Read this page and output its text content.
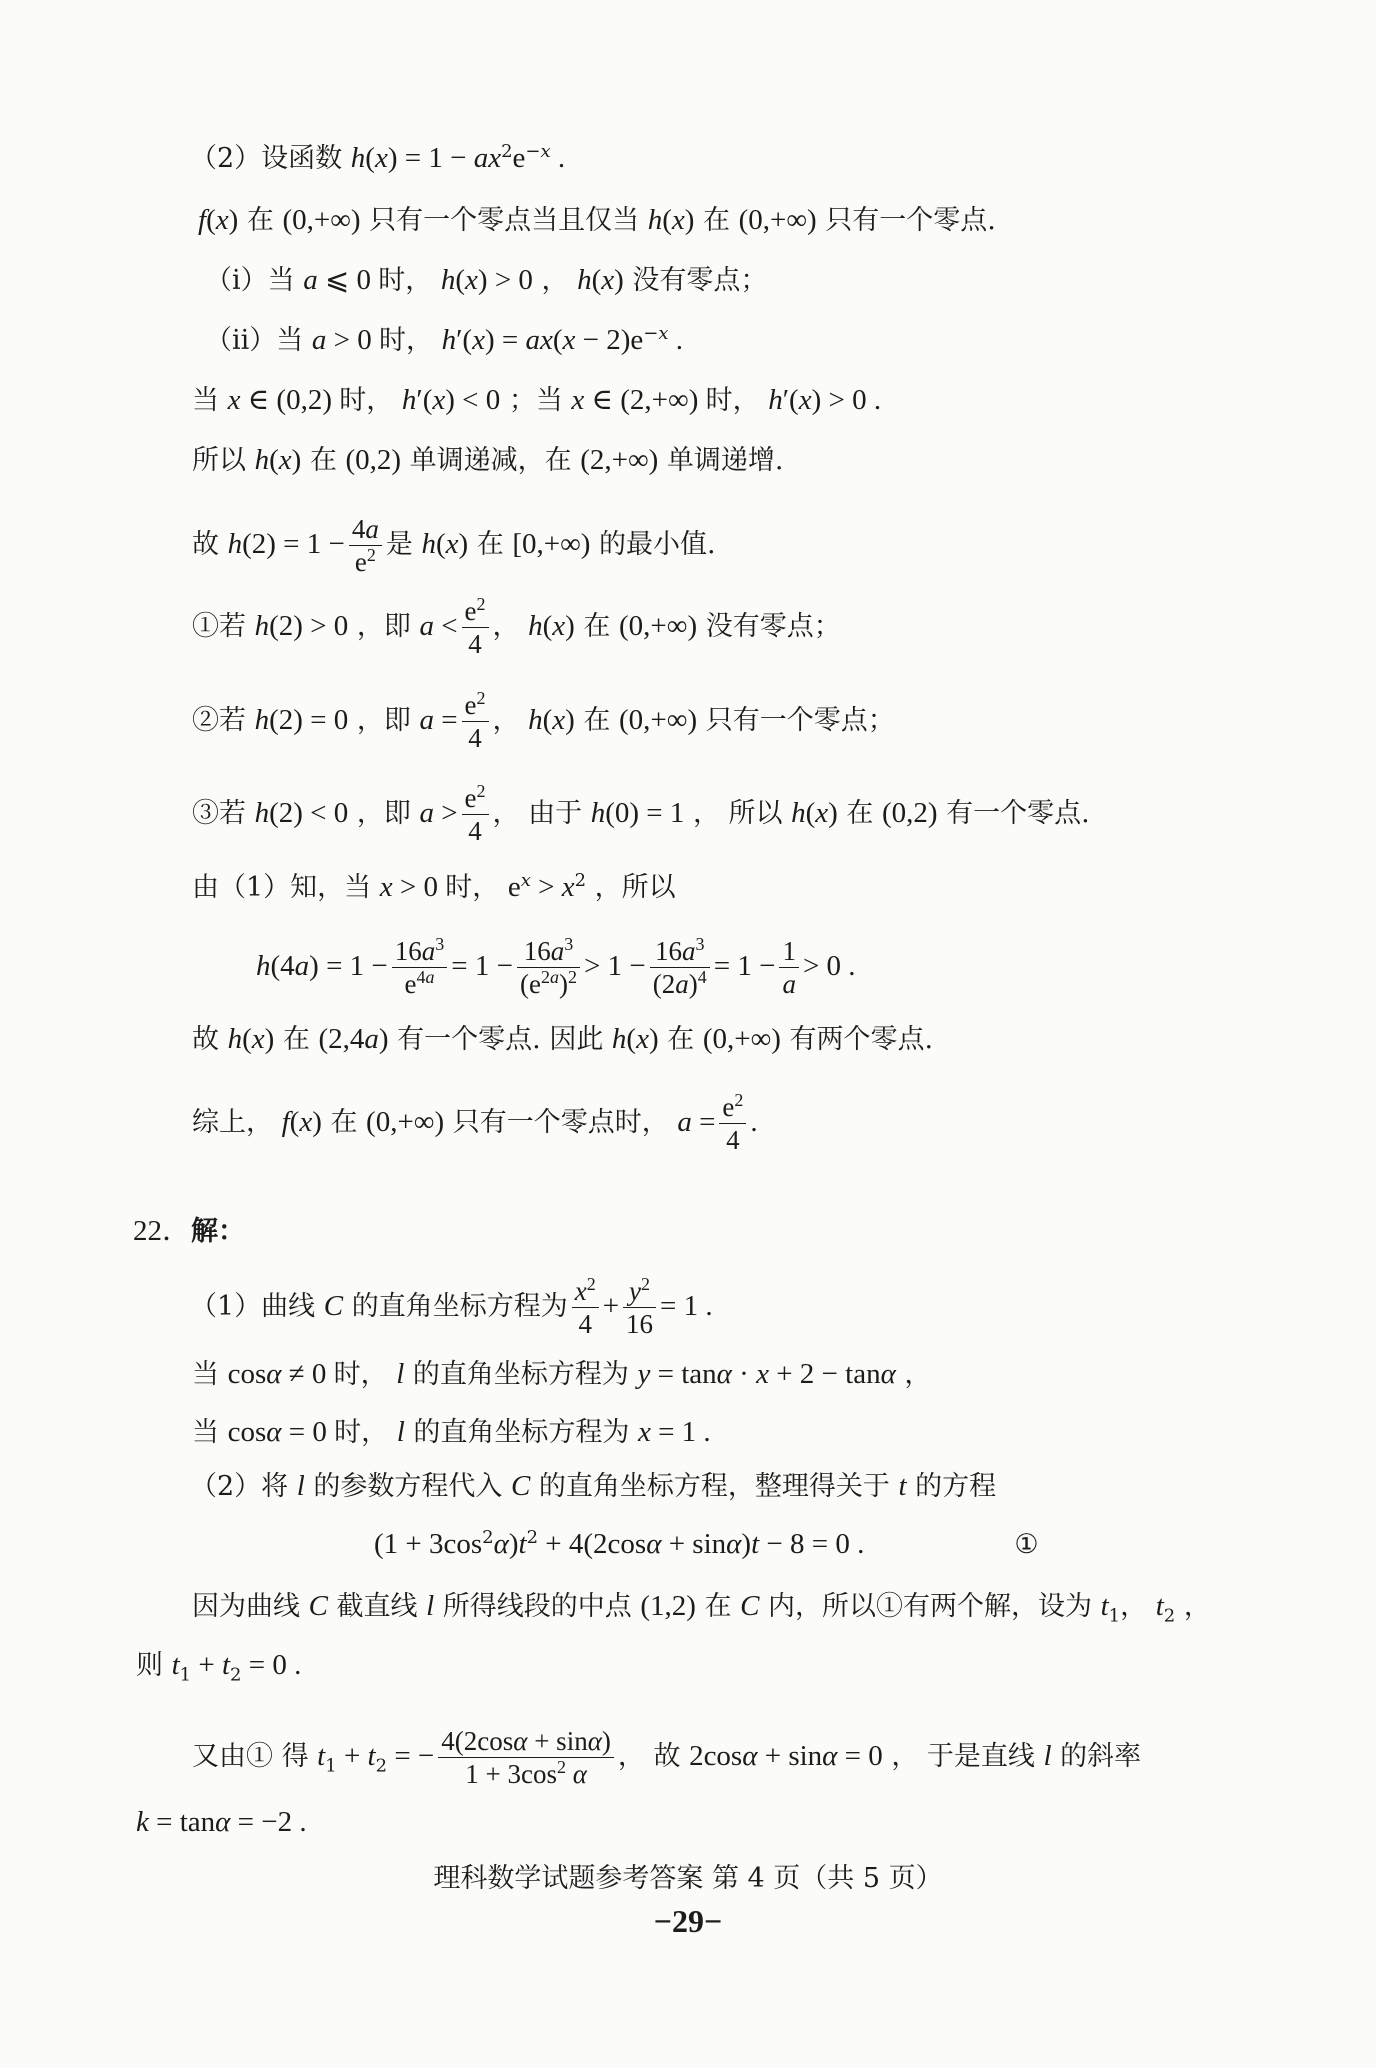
（2）设函数 $h(x) = 1 - ax^2e^{-x}$ .
f(x) 在 (0,+∞) 只有一个零点当且仅当 h(x) 在 (0,+∞) 只有一个零点.
（ⅰ）当 a ⩽ 0 时， h(x) > 0 ， h(x) 没有零点；
（ⅱ）当 a > 0 时， $h'(x) = ax(x - 2)e^{-x}$ .
当 x ∈ (0,2) 时， h′(x) < 0 ；当 x ∈ (2,+∞) 时， h′(x) > 0 .
所以 h(x) 在 (0,2) 单调递减，在 (2,+∞) 单调递增.
故 $h(2) = 1 - \frac{4a}{e^2}$ 是 h(x) 在 [0,+∞) 的最小值.
①若 h(2) > 0 ，即 $a < \frac{e^2}{4}$ ， h(x) 在 (0,+∞) 没有零点；
②若 h(2) = 0 ，即 $a = \frac{e^2}{4}$ ， h(x) 在 (0,+∞) 只有一个零点；
③若 h(2) < 0 ，即 $a > \frac{e^2}{4}$ ， 由于 h(0) = 1 ， 所以 h(x) 在 (0,2) 有一个零点.
由（1）知，当 x > 0 时， $e^x > x^2$ ，所以
$h(4a) = 1 - \frac{16a^3}{e^{4a}} = 1 - \frac{16a^3}{(e^{2a})^2} > 1 - \frac{16a^3}{(2a)^4} = 1 - \frac{1}{a} > 0$ .
故 h(x) 在 (2,4a) 有一个零点. 因此 h(x) 在 (0,+∞) 有两个零点.
综上， f(x) 在 (0,+∞) 只有一个零点时， $a = \frac{e^2}{4}$ .
22．解：
（1）曲线 C 的直角坐标方程为 $\frac{x^2}{4} + \frac{y^2}{16} = 1$ .
当 cosα ≠ 0 时， l 的直角坐标方程为 y = tanα · x + 2 − tanα ，
当 cosα = 0 时， l 的直角坐标方程为 x = 1 .
（2）将 l 的参数方程代入 C 的直角坐标方程，整理得关于 t 的方程
$(1 + 3\cos^2\alpha)t^2 + 4(2\cos\alpha + \sin\alpha)t - 8 = 0$ .	①
因为曲线 C 截直线 l 所得线段的中点 (1,2) 在 C 内，所以①有两个解，设为 $t_1$， $t_2$ ，
则 $t_1 + t_2 = 0$ .
又由① 得 $t_1 + t_2$ = − $\frac{4(2\cos\alpha + \sin\alpha)}{1 + 3\cos^2 \alpha}$ ， 故 2cosα + sinα = 0 ， 于是直线 l 的斜率
k = tanα = −2 .
理科数学试题参考答案 第 4 页（共 5 页）
−29−
